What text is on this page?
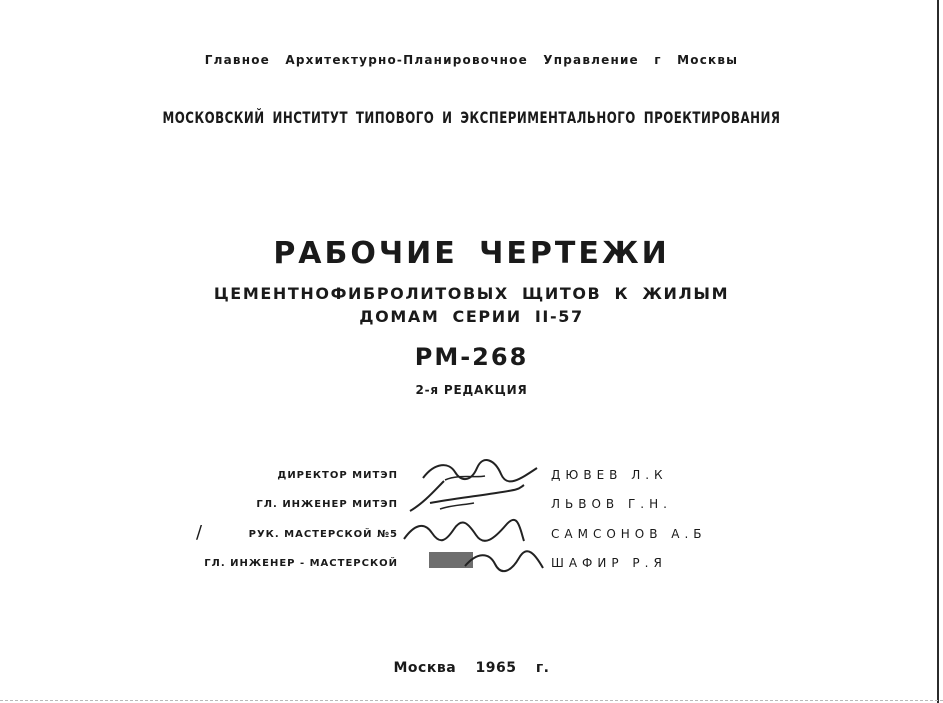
Главное Архитектурно-Планировочное Управление г Москвы
МОСКОВСКИЙ ИНСТИТУТ ТИПОВОГО И ЭКСПЕРИМЕНТАЛЬНОГО ПРОЕКТИРОВАНИЯ
РАБОЧИЕ ЧЕРТЕЖИ
ЦЕМЕНТНОФИБРОЛИТОВЫХ ЩИТОВ К ЖИЛЫМ
ДОМАМ СЕРИИ II-57
РМ-268
2-я РЕДАКЦИЯ
/
ДИРЕКТОР МИТЭП	ДЮВЕВ Л.К
ГЛ. ИНЖЕНЕР МИТЭП	ЛЬВОВ Г.Н.
РУК. МАСТЕРСКОЙ №5	САМСОНОВ А.Б
ГЛ. ИНЖЕНЕР - МАСТЕРСКОЙ	ШАФИР Р.Я
Москва 1965 г.
